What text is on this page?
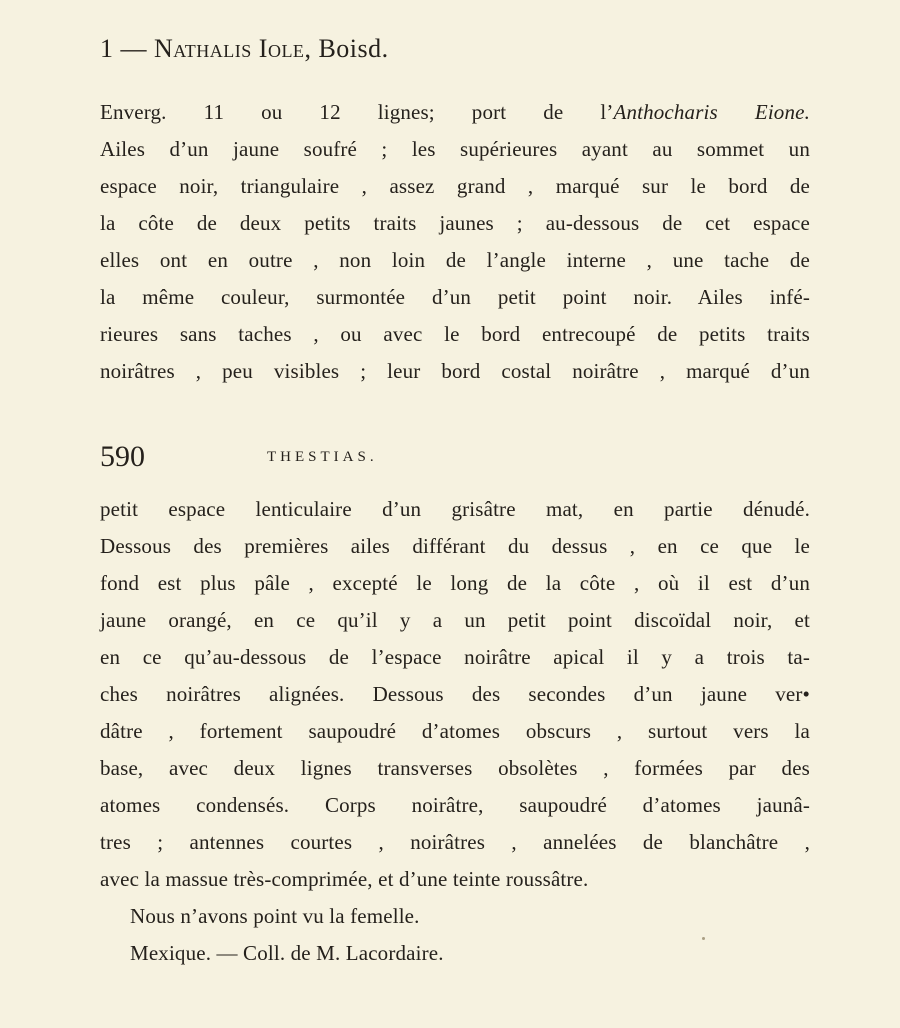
1 — Nathalis Iole, Boisd.
Enverg. 11 ou 12 lignes; port de l’Anthocharis Eione.
Ailes d’un jaune soufré ; les supérieures ayant au sommet un
espace noir, triangulaire , assez grand , marqué sur le bord de
la côte de deux petits traits jaunes ; au-dessous de cet espace
elles ont en outre , non loin de l’angle interne , une tache de
la même couleur, surmontée d’un petit point noir. Ailes infé-
rieures sans taches , ou avec le bord entrecoupé de petits traits
noirâtres , peu visibles ; leur bord costal noirâtre , marqué d’un
590	THESTIAS.
petit espace lenticulaire d’un grisâtre mat, en partie dénudé.
Dessous des premières ailes différant du dessus , en ce que le
fond est plus pâle , excepté le long de la côte , où il est d’un
jaune orangé, en ce qu’il y a un petit point discoïdal noir, et
en ce qu’au-dessous de l’espace noirâtre apical il y a trois ta-
ches noirâtres alignées. Dessous des secondes d’un jaune ver•
dâtre , fortement saupoudré d’atomes obscurs , surtout vers la
base, avec deux lignes transverses obsolètes , formées par des
atomes condensés. Corps noirâtre, saupoudré d’atomes jaunâ-
tres ; antennes courtes , noirâtres , annelées de blanchâtre ,
avec la massue très-comprimée, et d’une teinte roussâtre.
Nous n’avons point vu la femelle.
Mexique. — Coll. de M. Lacordaire.
